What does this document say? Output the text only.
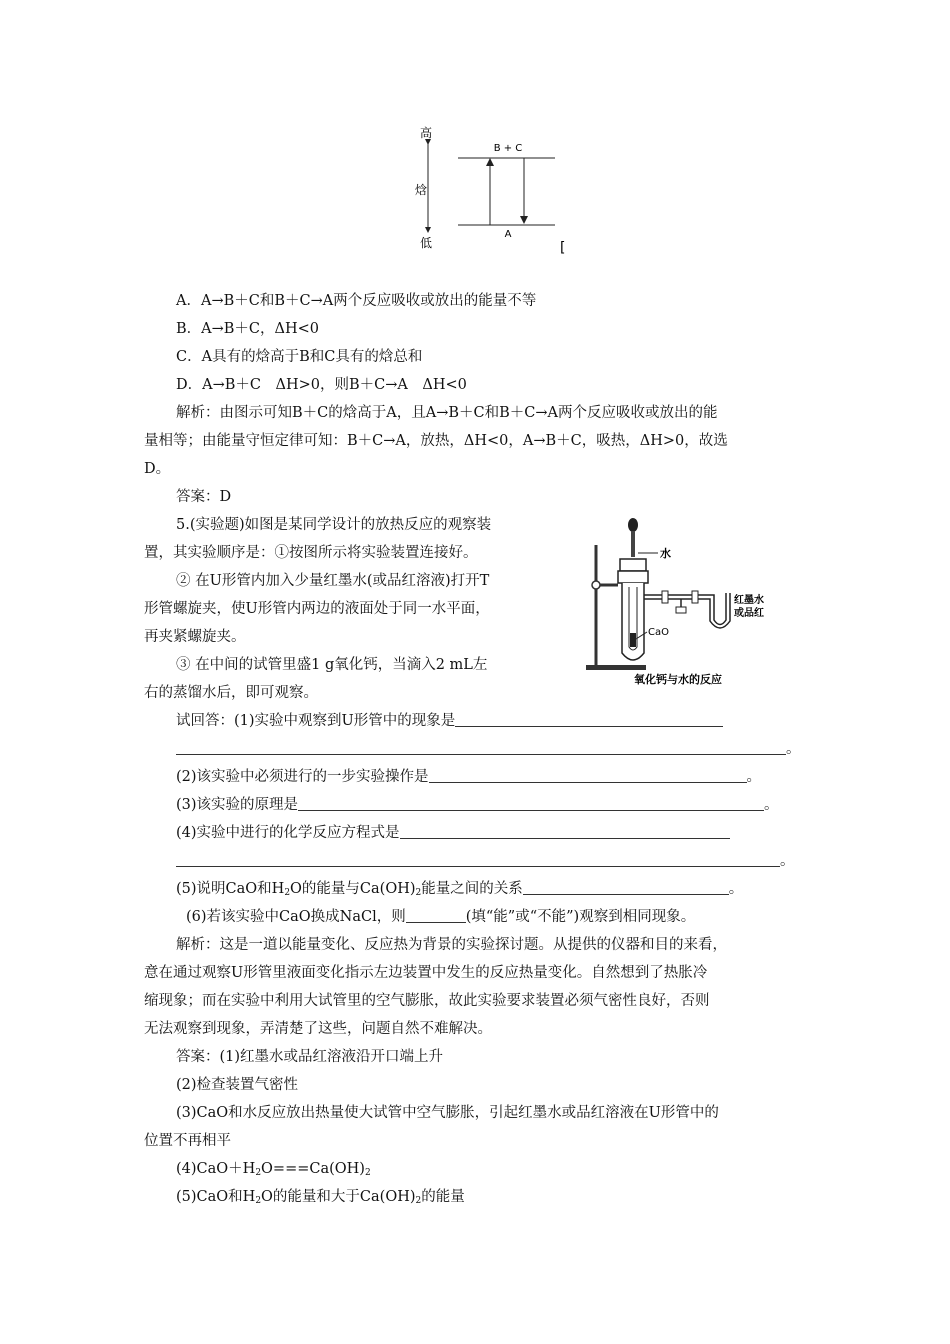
高
焓
低
B + C
A
[
A．A→B＋C和B＋C→A两个反应吸收或放出的能量不等
B．A→B＋C，ΔH<0
C．A具有的焓高于B和C具有的焓总和
D．A→B＋C　ΔH>0，则B＋C→A　ΔH<0
解析：由图示可知B＋C的焓高于A，且A→B＋C和B＋C→A两个反应吸收或放出的能
量相等；由能量守恒定律可知：B＋C→A，放热，ΔH<0，A→B＋C，吸热，ΔH>0，故选
D。
答案：D
5.(实验题)如图是某同学设计的放热反应的观察装
置，其实验顺序是：①按图所示将实验装置连接好。
② 在U形管内加入少量红墨水(或品红溶液)打开T
形管螺旋夹，使U形管内两边的液面处于同一水平面，
再夹紧螺旋夹。
③ 在中间的试管里盛1 g氧化钙，当滴入2 mL左
右的蒸馏水后，即可观察。
水
CaO
红墨水
或品红
氧化钙与水的反应
试回答：(1)实验中观察到U形管中的现象是
。
(2)该实验中必须进行的一步实验操作是	。
(3)该实验的原理是	。
(4)实验中进行的化学反应方程式是
。
(5)说明CaO和$H_2O$的能量与$Ca(OH)_2$能量之间的关系	。
(6)若该实验中CaO换成NaCl，则	(填“能”或“不能”)观察到相同现象。
解析：这是一道以能量变化、反应热为背景的实验探讨题。从提供的仪器和目的来看，
意在通过观察U形管里液面变化指示左边装置中发生的反应热量变化。自然想到了热胀冷
缩现象；而在实验中利用大试管里的空气膨胀，故此实验要求装置必须气密性良好，否则
无法观察到现象，弄清楚了这些，问题自然不难解决。
答案：(1)红墨水或品红溶液沿开口端上升
(2)检查装置气密性
(3)CaO和水反应放出热量使大试管中空气膨胀，引起红墨水或品红溶液在U形管中的
位置不再相平
$(4)CaO+H_2O===Ca(OH)_2$
(5)CaO和$H_2O$的能量和大于$Ca(OH)_2$的能量
